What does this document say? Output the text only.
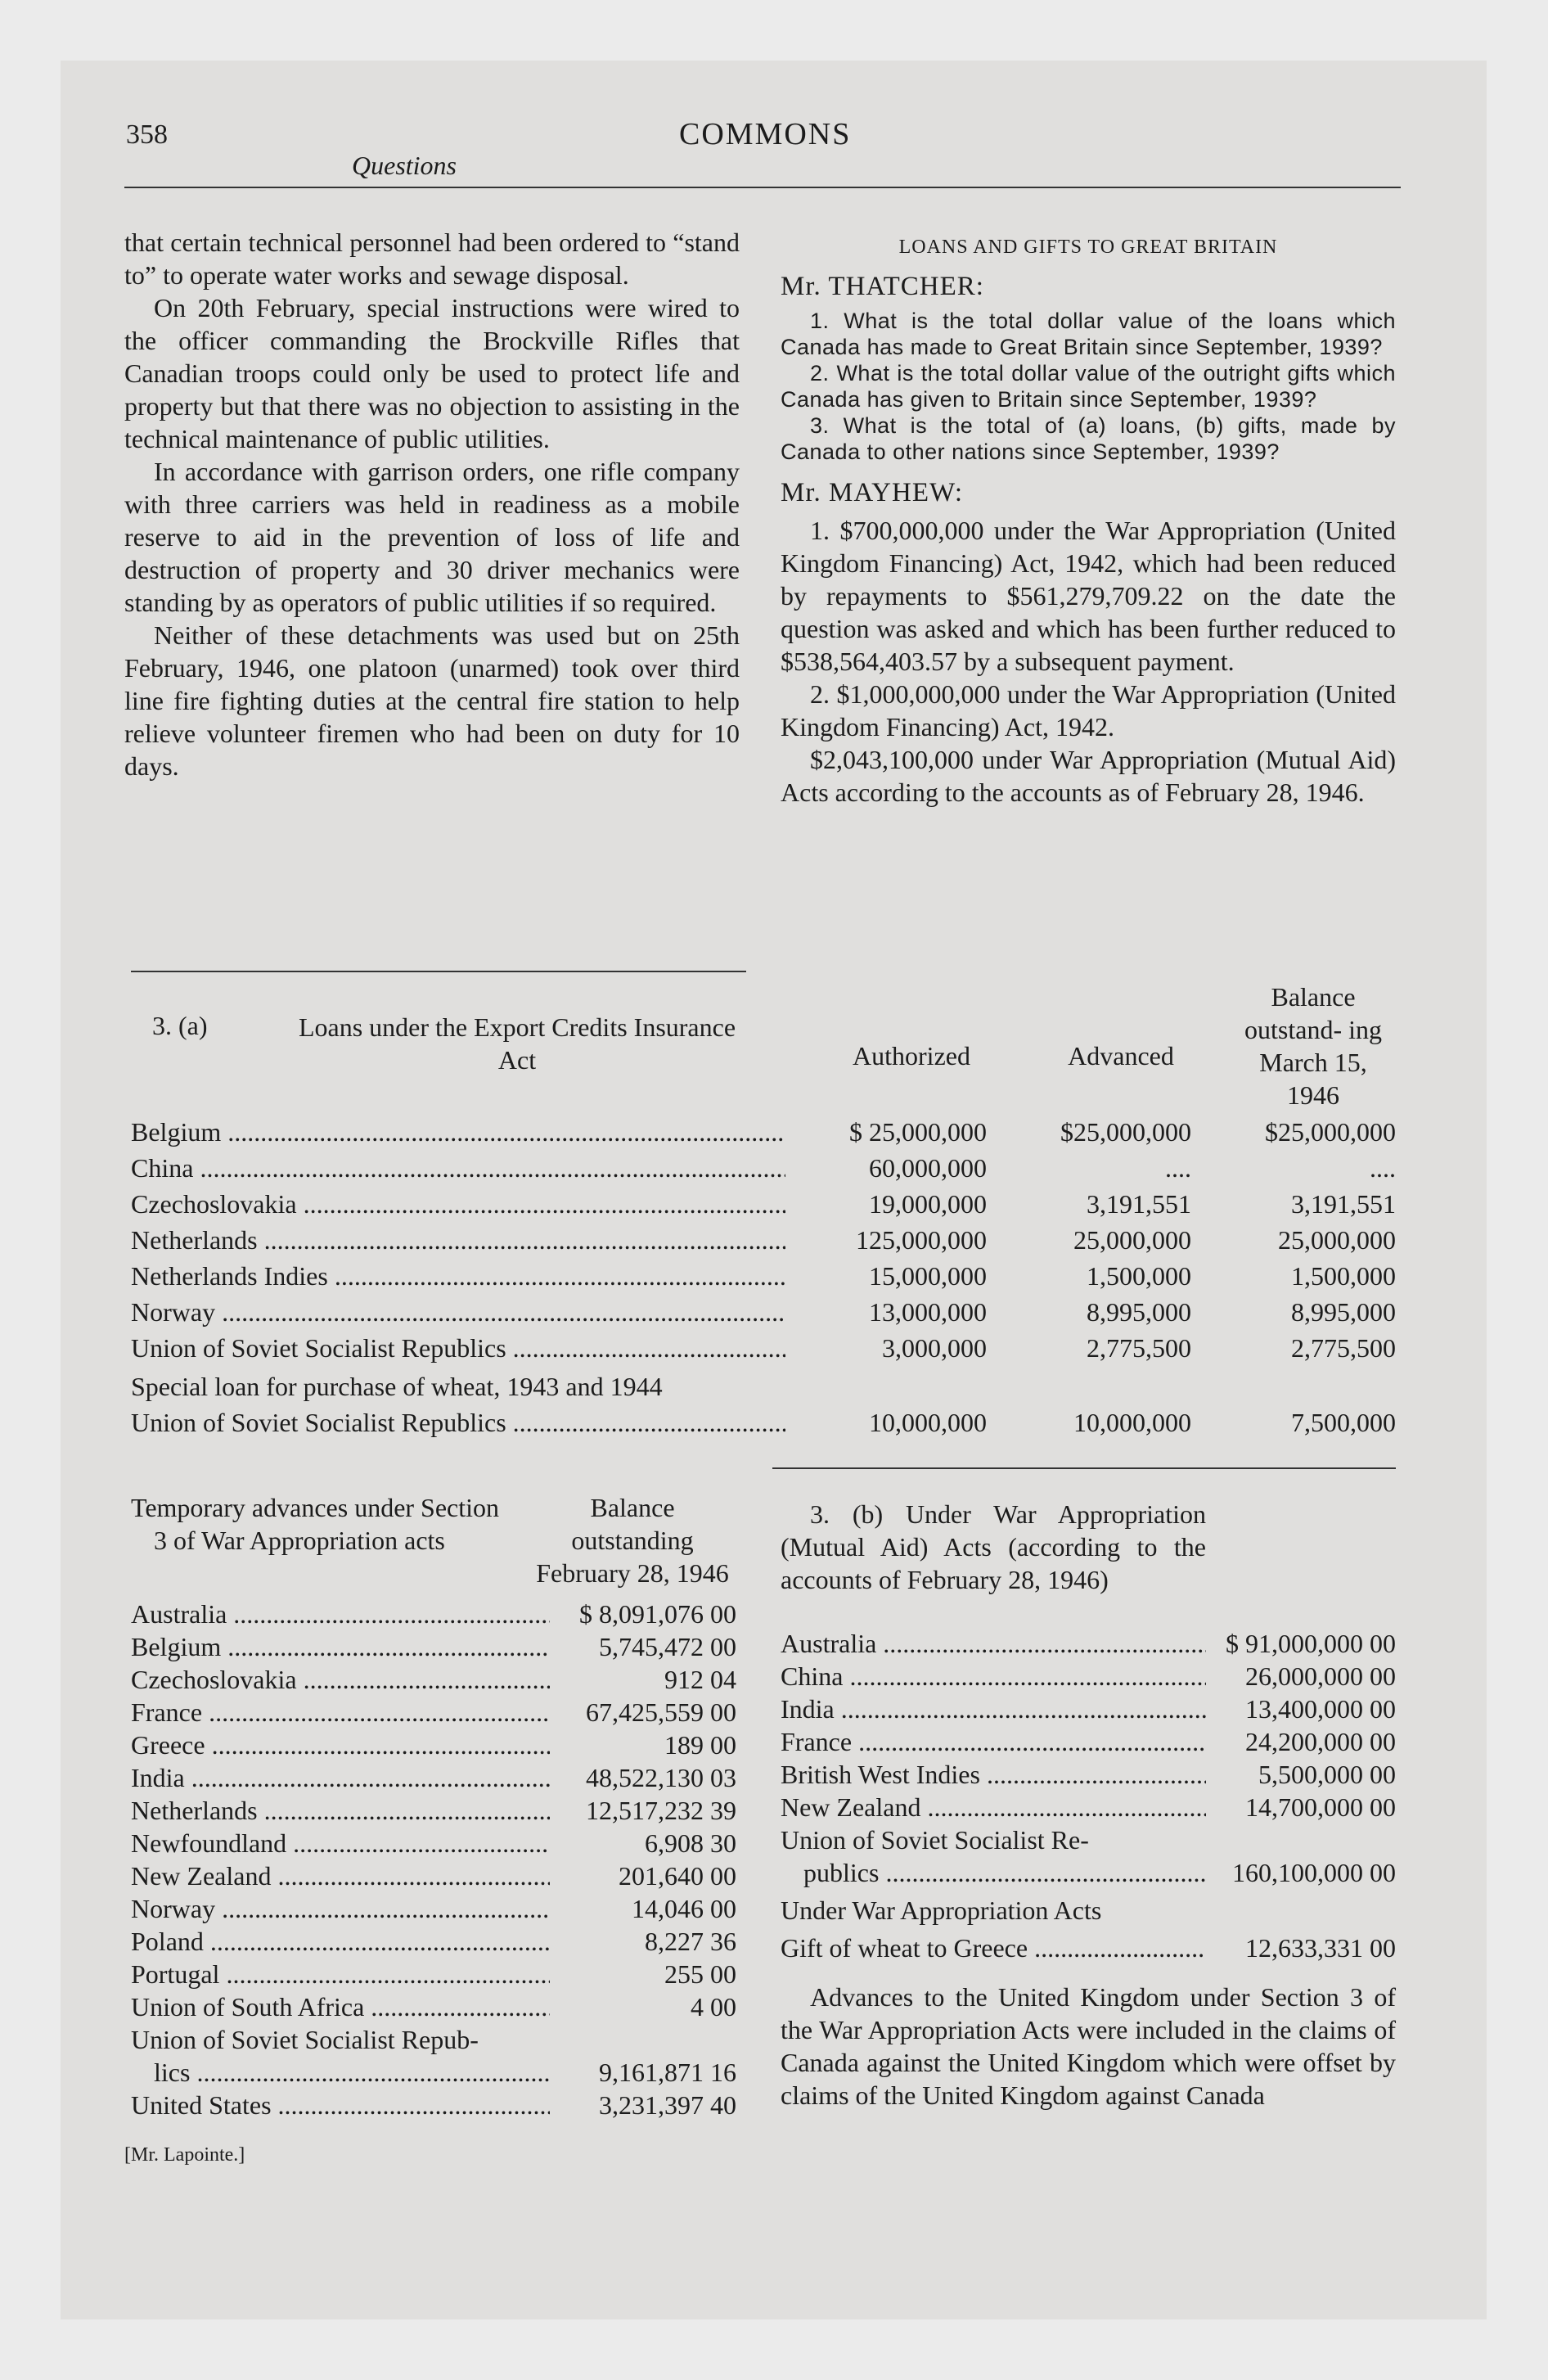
358	COMMONS
Questions

that certain technical personnel had been ordered to “stand to” to operate water works and sewage disposal.

On 20th February, special instructions were wired to the officer commanding the Brockville Rifles that Canadian troops could only be used to protect life and property but that there was no objection to assisting in the technical maintenance of public utilities.

In accordance with garrison orders, one rifle company with three carriers was held in readiness as a mobile reserve to aid in the prevention of loss of life and destruction of property and 30 driver mechanics were standing by as operators of public utilities if so required.

Neither of these detachments was used but on 25th February, 1946, one platoon (unarmed) took over third line fire fighting duties at the central fire station to help relieve volunteer firemen who had been on duty for 10 days.

LOANS AND GIFTS TO GREAT BRITAIN
Mr. THATCHER:

1. What is the total dollar value of the loans which Canada has made to Great Britain since September, 1939?

2. What is the total dollar value of the outright gifts which Canada has given to Britain since September, 1939?

3. What is the total of (a) loans, (b) gifts, made by Canada to other nations since September, 1939?

Mr. MAYHEW:

1. $700,000,000 under the War Appropriation (United Kingdom Financing) Act, 1942, which had been reduced by repayments to $561,279,709.22 on the date the question was asked and which has been further reduced to $538,564,403.57 by a subsequent payment.

2. $1,000,000,000 under the War Appropriation (United Kingdom Financing) Act, 1942.

$2,043,100,000 under War Appropriation (Mutual Aid) Acts according to the accounts as of February 28, 1946.

3. (a)	Loans under the Export Credits Insurance Act	Authorized	Advanced
Balance outstand- ing March 15, 1946
Belgium .....	$ 25,000,000	$25,000,000	$25,000,000
China .....	60,000,000	....	....
Czechoslovakia .....	19,000,000	3,191,551	3,191,551
Netherlands .....	125,000,000	25,000,000	25,000,000
Netherlands Indies .....	15,000,000	1,500,000	1,500,000
Norway .....	13,000,000	8,995,000	8,995,000
Union of Soviet Socialist Republics .....	3,000,000	2,775,500	2,775,500
Special loan for purchase of wheat, 1943 and 1944
Union of Soviet Socialist Republics .....	10,000,000	10,000,000	7,500,000
Temporary advances under Section 3 of War Appropriation acts
Balance outstanding February 28, 1946
Australia .....	$ 8,091,076 00
Belgium .....	5,745,472 00
Czechoslovakia .....	912 04
France .....	67,425,559 00
Greece .....	189 00
India .....	48,522,130 03
Netherlands .....	12,517,232 39
Newfoundland .....	6,908 30
New Zealand .....	201,640 00
Norway .....	14,046 00
Poland .....	8,227 36
Portugal .....	255 00
Union of South Africa .....	4 00
Union of Soviet Socialist Repub-	
lics .....	9,161,871 16
United States .....	3,231,397 40

3. (b) Under War Appropriation (Mutual Aid) Acts (according to the accounts of February 28, 1946)

Australia .....	$ 91,000,000 00
China .....	26,000,000 00
India .....	13,400,000 00
France .....	24,200,000 00
British West Indies .....	5,500,000 00
New Zealand .....	14,700,000 00
Union of Soviet Socialist Re-	
publics .....	160,100,000 00
Under War Appropriation Acts	
Gift of wheat to Greece .....	12,633,331 00

Advances to the United Kingdom under Section 3 of the War Appropriation Acts were included in the claims of Canada against the United Kingdom which were offset by claims of the United Kingdom against Canada

[Mr. Lapointe.]
